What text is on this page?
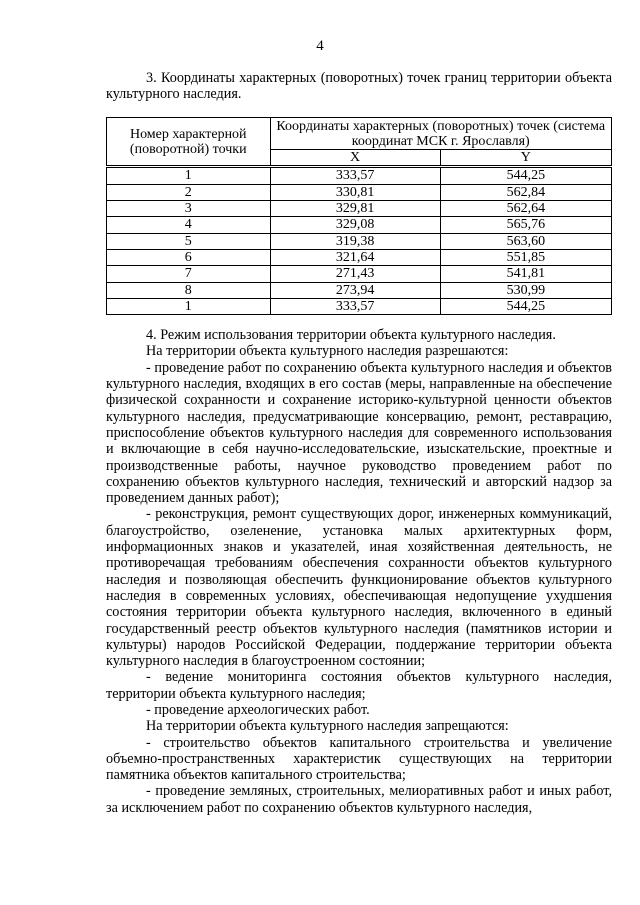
4

3. Координаты характерных (поворотных) точек границ территории объекта культурного наследия.

Номер характерной (поворотной) точки	Координаты характерных (поворотных) точек (система координат МСК г. Ярославля)	
	X	Y
1	333,57	544,25
2	330,81	562,84
3	329,81	562,64
4	329,08	565,76
5	319,38	563,60
6	321,64	551,85
7	271,43	541,81
8	273,94	530,99
1	333,57	544,25

4. Режим использования территории объекта культурного наследия.

На территории объекта культурного наследия разрешаются:

- проведение работ по сохранению объекта культурного наследия и объектов культурного наследия, входящих в его состав (меры, направленные на обеспечение физической сохранности и сохранение историко-культурной ценности объектов культурного наследия, предусматривающие консервацию, ремонт, реставрацию, приспособление объектов культурного наследия для современного использования и включающие в себя научно-исследовательские, изыскательские, проектные и производственные работы, научное руководство проведением работ по сохранению объектов культурного наследия, технический и авторский надзор за проведением данных работ);

- реконструкция, ремонт существующих дорог, инженерных коммуникаций, благоустройство, озеленение, установка малых архитектурных форм, информационных знаков и указателей, иная хозяйственная деятельность, не противоречащая требованиям обеспечения сохранности объектов культурного наследия и позволяющая обеспечить функционирование объектов культурного наследия в современных условиях, обеспечивающая недопущение ухудшения состояния территории объекта культурного наследия, включенного в единый государственный реестр объектов культурного наследия (памятников истории и культуры) народов Российской Федерации, поддержание территории объекта культурного наследия в благоустроенном состоянии;

- ведение мониторинга состояния объектов культурного наследия, территории объекта культурного наследия;

- проведение археологических работ.

На территории объекта культурного наследия запрещаются:

- строительство объектов капитального строительства и увеличение объемно-пространственных характеристик существующих на территории памятника объектов капитального строительства;

- проведение земляных, строительных, мелиоративных работ и иных работ, за исключением работ по сохранению объектов культурного наследия,
